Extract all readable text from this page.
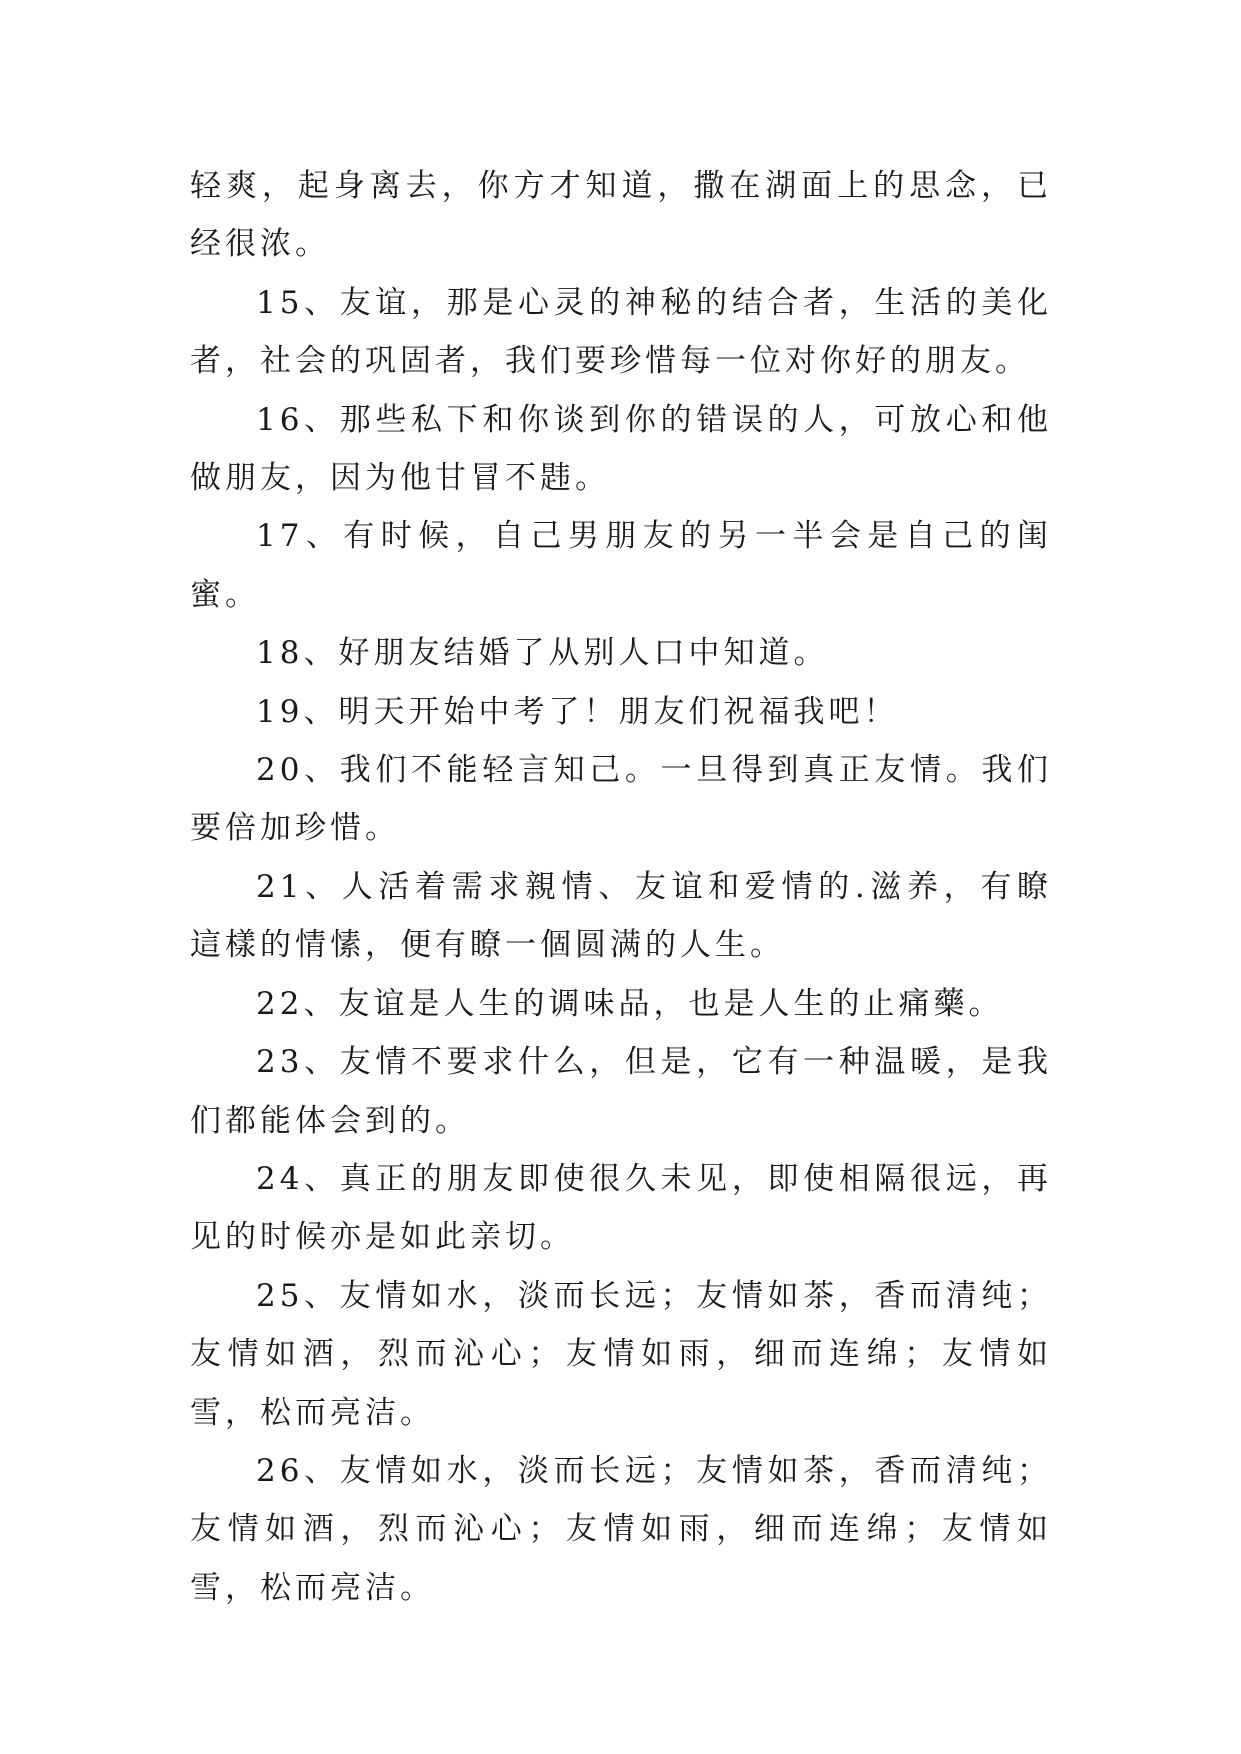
轻爽，起身离去，你方才知道，撒在湖面上的思念，已经很浓。

15、友谊，那是心灵的神秘的结合者，生活的美化者，社会的巩固者，我们要珍惜每一位对你好的朋友。

16、那些私下和你谈到你的错误的人，可放心和他做朋友，因为他甘冒不韪。

17、有时候，自己男朋友的另一半会是自己的闺蜜。

18、好朋友结婚了从别人口中知道。

19、明天开始中考了！朋友们祝福我吧！

20、我们不能轻言知己。一旦得到真正友情。我们要倍加珍惜。

21、人活着需求親情、友谊和爱情的.滋养，有瞭這樣的情愫，便有瞭一個圆满的人生。

22、友谊是人生的调味品，也是人生的止痛藥。

23、友情不要求什么，但是，它有一种温暖，是我们都能体会到的。

24、真正的朋友即使很久未见，即使相隔很远，再见的时候亦是如此亲切。

25、友情如水，淡而长远；友情如茶，香而清纯；友情如酒，烈而沁心；友情如雨，细而连绵；友情如雪，松而亮洁。

26、友情如水，淡而长远；友情如茶，香而清纯；友情如酒，烈而沁心；友情如雨，细而连绵；友情如雪，松而亮洁。
